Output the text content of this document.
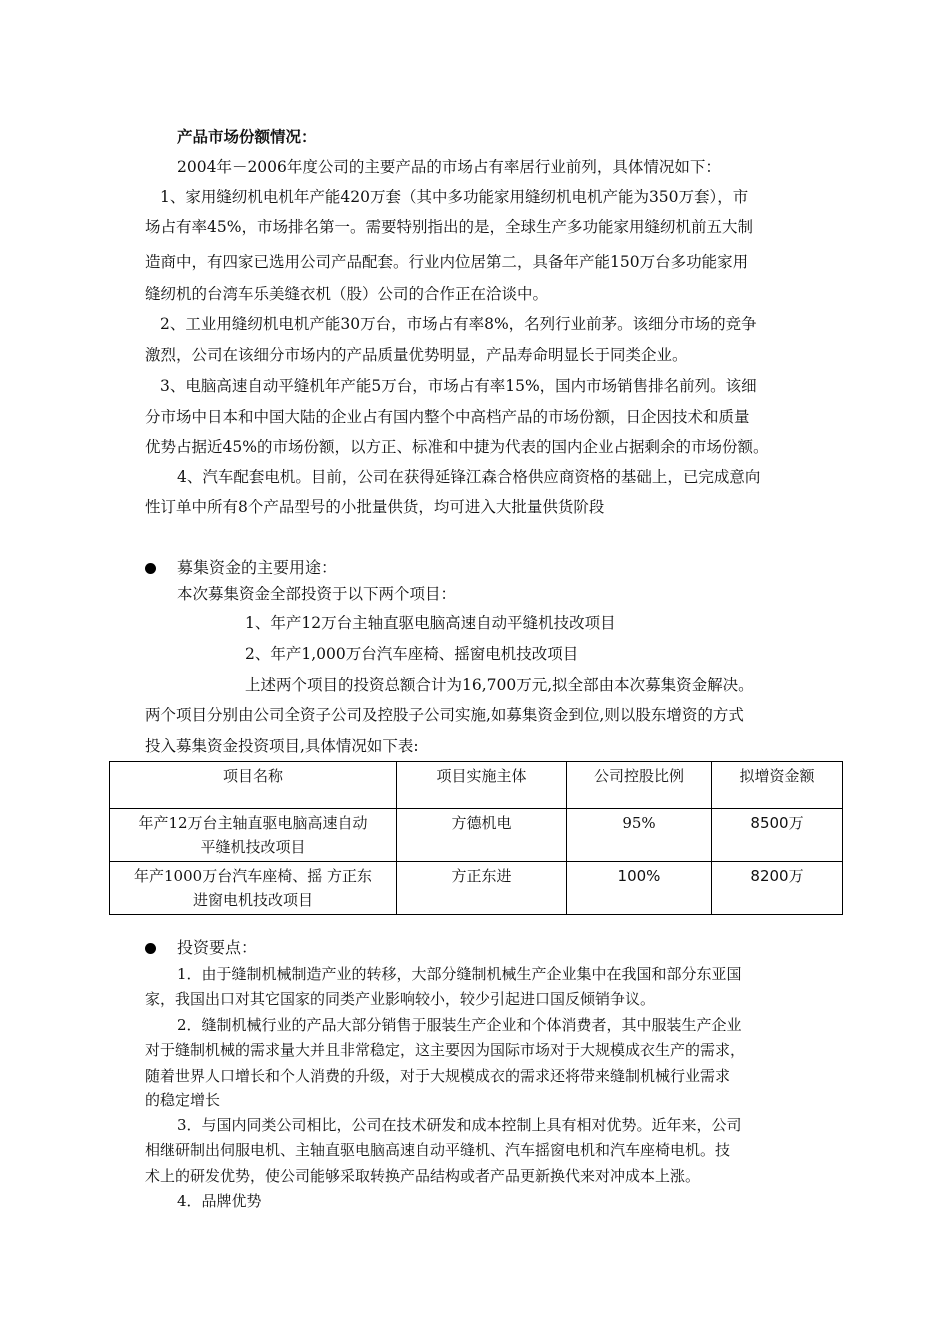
产品市场份额情况：
2004年－2006年度公司的主要产品的市场占有率居行业前列，具体情况如下：
1、家用缝纫机电机年产能420万套（其中多功能家用缝纫机电机产能为350万套），市
场占有率45%，市场排名第一。需要特别指出的是，全球生产多功能家用缝纫机前五大制
造商中，有四家已选用公司产品配套。行业内位居第二，具备年产能150万台多功能家用
缝纫机的台湾车乐美缝衣机（股）公司的合作正在洽谈中。
2、工业用缝纫机电机产能30万台，市场占有率8%，名列行业前茅。该细分市场的竞争
激烈，公司在该细分市场内的产品质量优势明显，产品寿命明显长于同类企业。
3、电脑高速自动平缝机年产能5万台，市场占有率15%，国内市场销售排名前列。该细
分市场中日本和中国大陆的企业占有国内整个中高档产品的市场份额，日企因技术和质量
优势占据近45%的市场份额，以方正、标准和中捷为代表的国内企业占据剩余的市场份额。
4、汽车配套电机。目前，公司在获得延锋江森合格供应商资格的基础上，已完成意向
性订单中所有8个产品型号的小批量供货，均可进入大批量供货阶段
募集资金的主要用途：
本次募集资金全部投资于以下两个项目：
1、年产12万台主轴直驱电脑高速自动平缝机技改项目
2、年产1,000万台汽车座椅、摇窗电机技改项目
上述两个项目的投资总额合计为16,700万元,拟全部由本次募集资金解决。
两个项目分别由公司全资子公司及控股子公司实施,如募集资金到位,则以股东增资的方式
投入募集资金投资项目,具体情况如下表:
项目名称	项目实施主体	公司控股比例	拟增资金额

年产12万台主轴直驱电脑高速自动
平缝机技改项目	方德机电	95%	8500万

年产1000万台汽车座椅、摇 方正东
进窗电机技改项目	方正东进	100%	8200万
投资要点：
1．由于缝制机械制造产业的转移，大部分缝制机械生产企业集中在我国和部分东亚国
家，我国出口对其它国家的同类产业影响较小，较少引起进口国反倾销争议。
2．缝制机械行业的产品大部分销售于服装生产企业和个体消费者，其中服装生产企业
对于缝制机械的需求量大并且非常稳定，这主要因为国际市场对于大规模成衣生产的需求，
随着世界人口增长和个人消费的升级，对于大规模成衣的需求还将带来缝制机械行业需求
的稳定增长
3．与国内同类公司相比，公司在技术研发和成本控制上具有相对优势。近年来，公司
相继研制出伺服电机、主轴直驱电脑高速自动平缝机、汽车摇窗电机和汽车座椅电机。技
术上的研发优势，使公司能够采取转换产品结构或者产品更新换代来对冲成本上涨。
4．品牌优势
